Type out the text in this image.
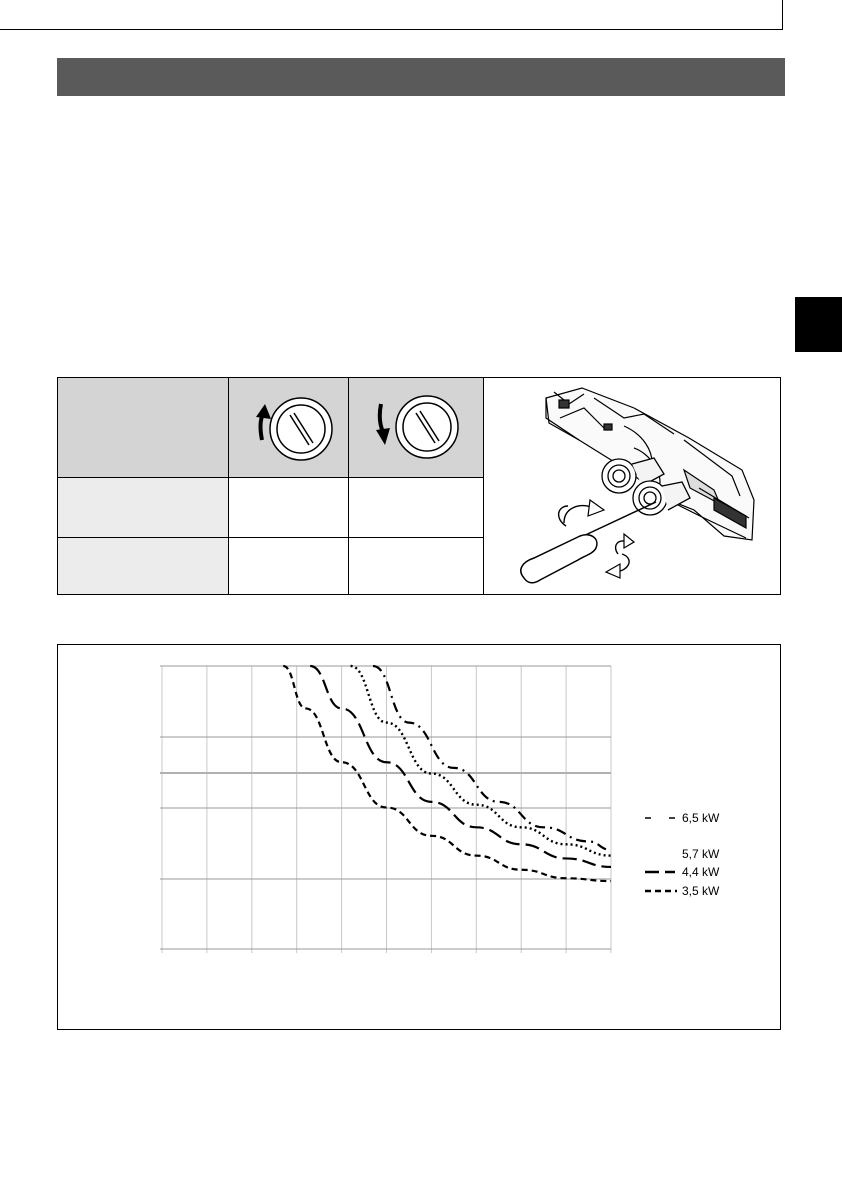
6,5 kW
5,7 kW
4,4 kW
3,5 kW
